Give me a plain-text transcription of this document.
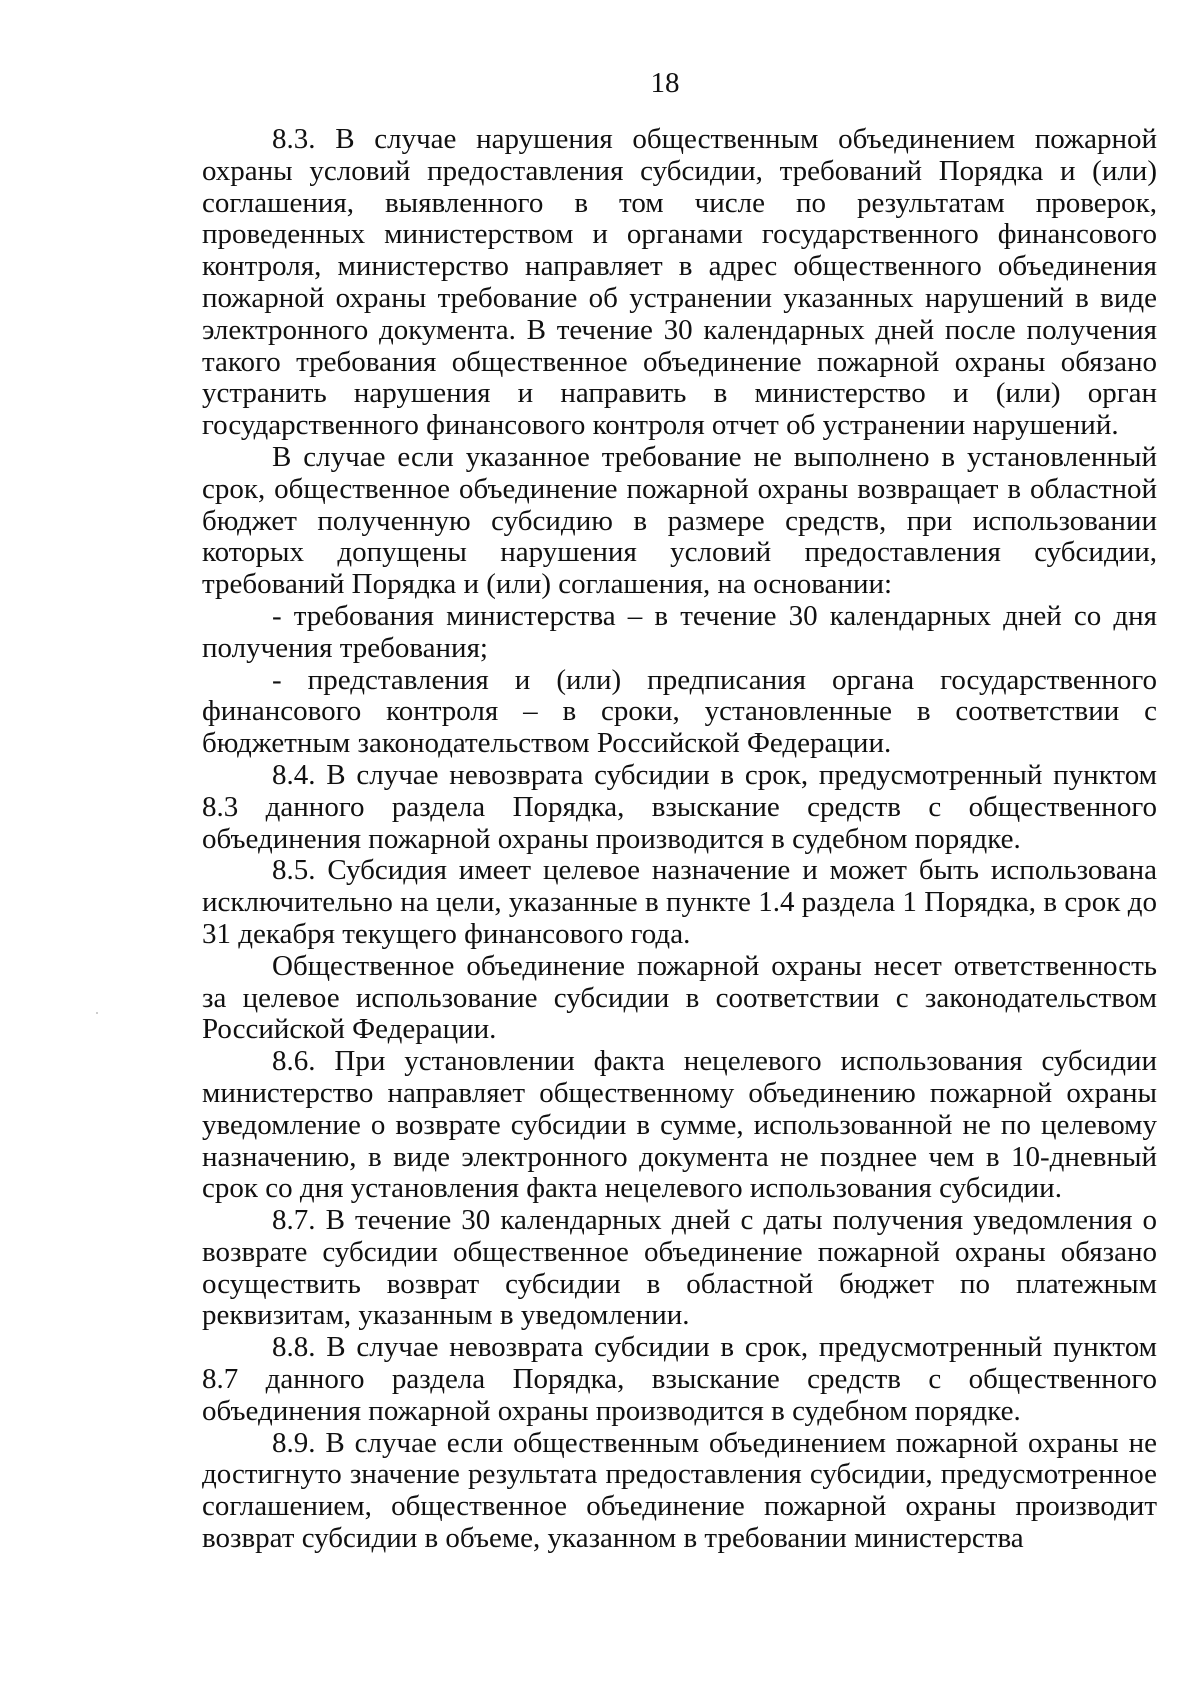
18

8.3. В случае нарушения общественным объединением пожарной охраны условий предоставления субсидии, требований Порядка и (или) соглашения, выявленного в том числе по результатам проверок, проведенных министерством и органами государственного финансового контроля, министерство направляет в адрес общественного объединения пожарной охраны требование об устранении указанных нарушений в виде электронного документа. В течение 30 календарных дней после получения такого требования общественное объединение пожарной охраны обязано устранить нарушения и направить в министерство и (или) орган государственного финансового контроля отчет об устранении нарушений.

В случае если указанное требование не выполнено в установленный срок, общественное объединение пожарной охраны возвращает в областной бюджет полученную субсидию в размере средств, при использовании которых допущены нарушения условий предоставления субсидии, требований Порядка и (или) соглашения, на основании:

- требования министерства – в течение 30 календарных дней со дня получения требования;

- представления и (или) предписания органа государственного финансового контроля – в сроки, установленные в соответствии с бюджетным законодательством Российской Федерации.

8.4. В случае невозврата субсидии в срок, предусмотренный пунктом 8.3 данного раздела Порядка, взыскание средств с общественного объединения пожарной охраны производится в судебном порядке.

8.5. Субсидия имеет целевое назначение и может быть использована исключительно на цели, указанные в пункте 1.4 раздела 1 Порядка, в срок до 31 декабря текущего финансового года.

Общественное объединение пожарной охраны несет ответственность за целевое использование субсидии в соответствии с законодательством Российской Федерации.

8.6. При установлении факта нецелевого использования субсидии министерство направляет общественному объединению пожарной охраны уведомление о возврате субсидии в сумме, использованной не по целевому назначению, в виде электронного документа не позднее чем в 10-дневный срок со дня установления факта нецелевого использования субсидии.

8.7. В течение 30 календарных дней с даты получения уведомления о возврате субсидии общественное объединение пожарной охраны обязано осуществить возврат субсидии в областной бюджет по платежным реквизитам, указанным в уведомлении.

8.8. В случае невозврата субсидии в срок, предусмотренный пунктом 8.7 данного раздела Порядка, взыскание средств с общественного объединения пожарной охраны производится в судебном порядке.

8.9. В случае если общественным объединением пожарной охраны не достигнуто значение результата предоставления субсидии, предусмотренное соглашением, общественное объединение пожарной охраны производит возврат субсидии в объеме, указанном в требовании министерства
